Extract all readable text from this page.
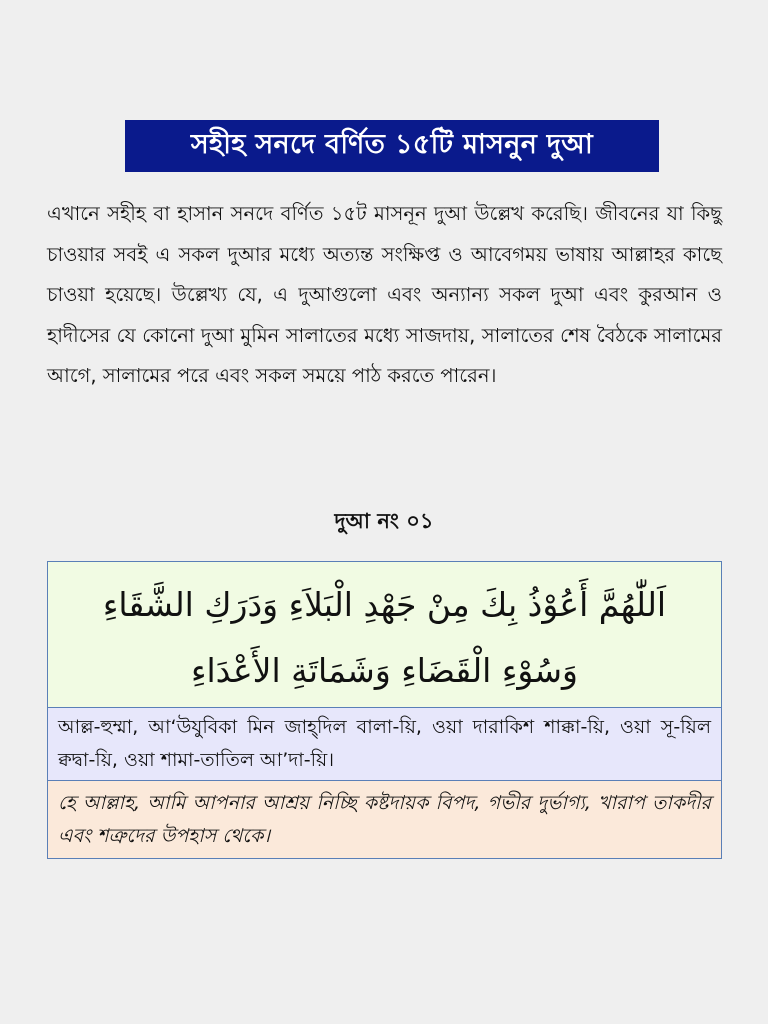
সহীহ সনদে বর্ণিত ১৫টি মাসনুন দুআ

এখানে সহীহ বা হাসান সনদে বর্ণিত ১৫ট মাসনূন দুআ উল্লেখ করেছি। জীবনের যা কিছু চাওয়ার সবই এ সকল দুআর মধ্যে অত্যন্ত সংক্ষিপ্ত ও আবেগময় ভাষায় আল্লাহর কাছে চাওয়া হয়েছে। উল্লেখ্য যে, এ দুআগুলো এবং অন্যান্য সকল দুআ এবং কুরআন ও হাদীসের যে কোনো দুআ মুমিন সালাতের মধ্যে সাজদায়, সালাতের শেষ বৈঠকে সালামের আগে, সালামের পরে এবং সকল সময়ে পাঠ করতে পারেন।

দুআ নং ০১
اَللّٰهُمَّ أَعُوْذُ بِكَ مِنْ جَهْدِ الْبَلاَءِ وَدَرَكِ الشَّقَاءِ وَسُوْءِ الْقَضَاءِ وَشَمَاتَةِ الأَعْدَاءِ
আল্ল-হুম্মা, আ‘উযুবিকা মিন জাহ্‌দিল বালা-য়ি, ওয়া দারাকিশ শাক্কা-য়ি, ওয়া সূ-য়িল ক্বদ্বা-য়ি, ওয়া শামা-তাতিল আ’দা-য়ি।
হে আল্লাহ, আমি আপনার আশ্রয় নিচ্ছি কষ্টদায়ক বিপদ, গভীর দুর্ভাগ্য, খারাপ তাকদীর এবং শত্রুদের উপহাস থেকে।
